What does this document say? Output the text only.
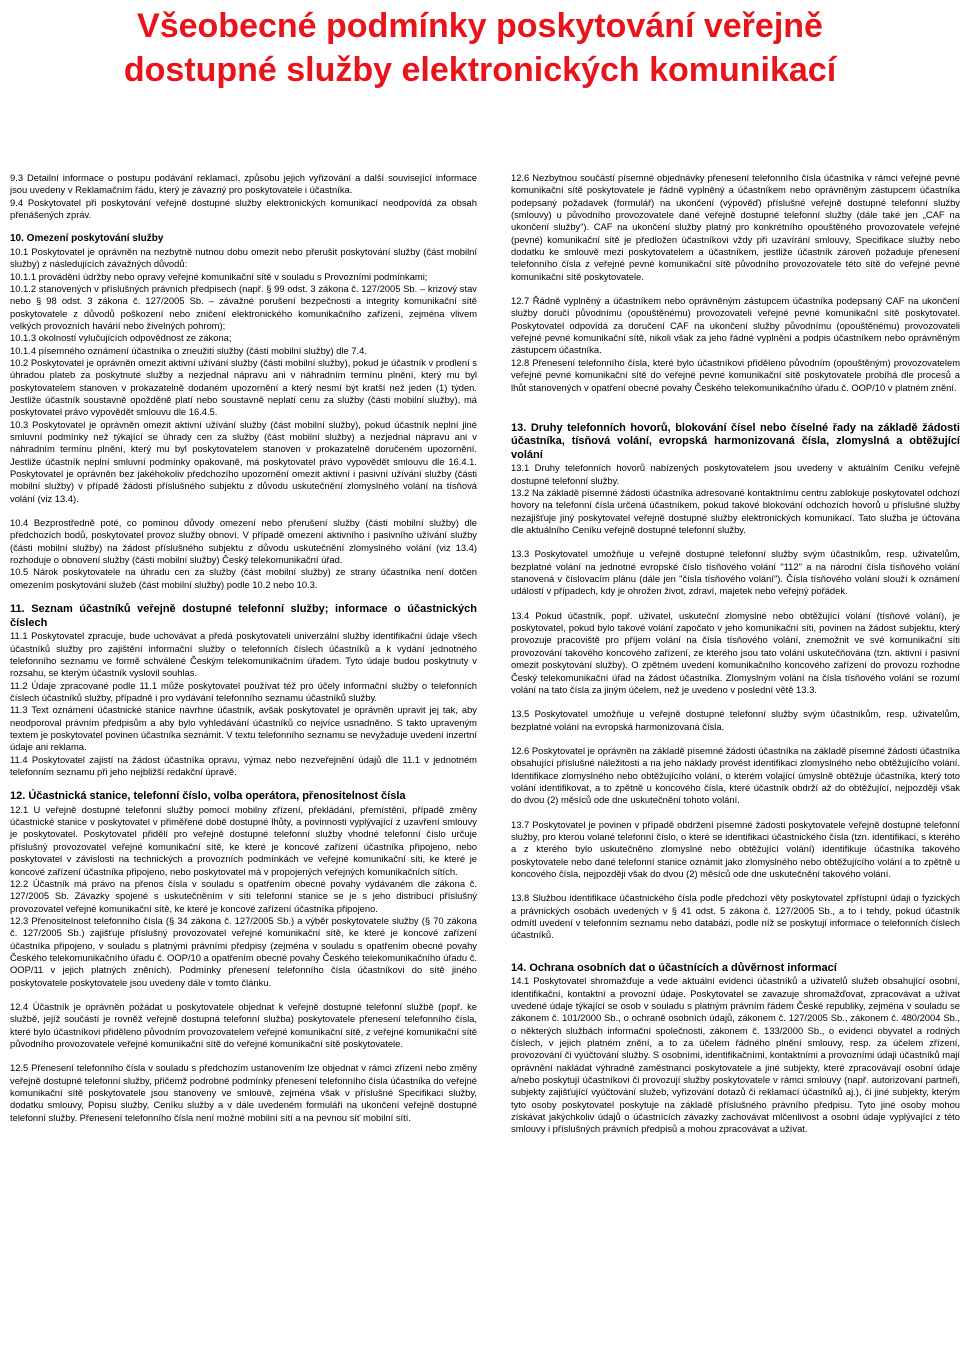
Všeobecné podmínky poskytování veřejně
dostupné služby elektronických komunikací

9.3 Detailní informace o postupu podávání reklamací, způsobu jejich vyřizování a další související informace jsou uvedeny v Reklamačním řádu, který je závazný pro poskytovatele i účastníka.

9.4 Poskytovatel při poskytování veřejně dostupné služby elektronických komunikací neodpovídá za obsah přenášených zpráv.

10. Omezení poskytování služby

10.1 Poskytovatel je oprávněn na nezbytně nutnou dobu omezit nebo přerušit poskytování služby (část mobilní služby) z následujících závažných důvodů:

10.1.1 provádění údržby nebo opravy veřejné komunikační sítě v souladu s Provozními podmínkami;

10.1.2 stanovených v příslušných právních předpisech (např. § 99 odst. 3 zákona č. 127/2005 Sb. – krizový stav nebo § 98 odst. 3 zákona č. 127/2005 Sb. – závažné porušení bezpečnosti a integrity komunikační sítě poskytovatele z důvodů poškození nebo zničení elektronického komunikačního zařízení, zejména vlivem velkých provozních havárií nebo živelných pohrom);

10.1.3 okolností vylučujících odpovědnost ze zákona;

10.1.4 písemného oznámení účastníka o zneužití služby (části mobilní služby) dle 7.4.

10.2 Poskytovatel je oprávněn omezit aktivní užívání služby (části mobilní služby), pokud je účastník v prodlení s úhradou plateb za poskytnuté služby a nezjednal nápravu ani v náhradním termínu plnění, který mu byl poskytovatelem stanoven v prokazatelně dodaném upozornění a který nesmí být kratší než jeden (1) týden. Jestliže účastník soustavně opožděně platí nebo soustavně neplatí cenu za služby (části mobilní služby), má poskytovatel právo vypovědět smlouvu dle 16.4.5.

10.3 Poskytovatel je oprávněn omezit aktivní užívání služby (část mobilní služby), pokud účastník neplní jiné smluvní podmínky než týkající se úhrady cen za služby (část mobilní služby) a nezjednal nápravu ani v náhradním termínu plnění, který mu byl poskytovatelem stanoven v prokazatelně doručeném upozornění. Jestliže účastník neplní smluvní podmínky opakovaně, má poskytovatel právo vypovědět smlouvu dle 16.4.1. Poskytovatel je oprávněn bez jakéhokoliv předchozího upozornění omezit aktivní i pasivní užívání služby (části mobilní služby) v případě žádosti příslušného subjektu z důvodu uskutečnění zlomyslného volání na tísňová volání (viz 13.4).

10.4 Bezprostředně poté, co pominou důvody omezení nebo přerušení služby (části mobilní služby) dle předchozích bodů, poskytovatel provoz služby obnoví. V případě omezení aktivního i pasivního užívání služby (části mobilní služby) na žádost příslušného subjektu z důvodu uskutečnění zlomyslného volání (viz 13.4) rozhoduje o obnovení služby (části mobilní služby) Český telekomunikační úřad.

10.5 Nárok poskytovatele na úhradu cen za služby (část mobilní služby) ze strany účastníka není dotčen omezením poskytování služeb (část mobilní služby) podle 10.2 nebo 10.3.

11. Seznam účastníků veřejně dostupné telefonní služby; informace o účastnických číslech

11.1 Poskytovatel zpracuje, bude uchovávat a předá poskytovateli univerzální služby identifikační údaje všech účastníků služby pro zajištění informační služby o telefonních číslech účastníků a k vydání jednotného telefonního seznamu ve formě schválené Českým telekomunikačním úřadem. Tyto údaje budou poskytnuty v rozsahu, se kterým účastník vyslovil souhlas.

11.2 Údaje zpracované podle 11.1 může poskytovatel používat též pro účely informační služby o telefonních číslech účastníků služby, případně i pro vydávání telefonního seznamu účastníků služby.

11.3 Text oznámení účastnické stanice navrhne účastník, avšak poskytovatel je oprávněn upravit jej tak, aby neodporoval právním předpisům a aby bylo vyhledávání účastníků co nejvíce usnadněno. S takto upraveným textem je poskytovatel povinen účastníka seznámit. V textu telefonního seznamu se nevyžaduje uvedení inzertní údaje ani reklama.

11.4 Poskytovatel zajistí na žádost účastníka opravu, výmaz nebo nezveřejnění údajů dle 11.1 v jednotném telefonním seznamu při jeho nejbližší redakční úpravě.

12. Účastnická stanice, telefonní číslo, volba operátora, přenositelnost čísla

12.1 U veřejně dostupné telefonní služby pomocí mobilny zřízení, překládání, přemístění, případě změny účastnické stanice v poskytovatel v přiměřené době dostupné lhůty, a povinnosti vyplývající z uzavření smlouvy je poskytovatel. Poskytovatel přidělí pro veřejně dostupné telefonní služby vhodné telefonní číslo určuje příslušný provozovatel veřejné komunikační sítě, ke které je koncové zařízení účastníka připojeno, nebo poskytovatel v závislosti na technických a provozních podmínkách ve veřejné komunikační síti, ke které je koncové zařízení účastníka připojeno, nebo poskytovatel má v propojených veřejných komunikačních sítích.

12.2 Účastník má právo na přenos čísla v souladu s opatřením obecné povahy vydávaném dle zákona č. 127/2005 Sb. Závazky spojené s uskutečněním v síti telefonní stanice se je s jeho distribucí příslušný provozovatel veřejné komunikační sítě, ke které je koncové zařízení účastníka připojeno.

12.3 Přenositelnost telefonního čísla (§ 34 zákona č. 127/2005 Sb.) a výběr poskytovatele služby (§ 70 zákona č. 127/2005 Sb.) zajišťuje příslušný provozovatel veřejné komunikační sítě, ke které je koncové zařízení účastníka připojeno, v souladu s platnými právními předpisy (zejména v souladu s opatřením obecné povahy Českého telekomunikačního úřadu č. OOP/10 a opatřením obecné povahy Českého telekomunikačního úřadu č. OOP/11 v jejich platných zněních). Podmínky přenesení telefonního čísla účastníkovi do sítě jiného poskytovatele poskytovatele jsou uvedeny dále v tomto článku.

12.4 Účastník je oprávněn požádat u poskytovatele objednat k veřejně dostupné telefonní službě (popř. ke službě, jejíž součástí je rovněž veřejně dostupná telefonní služba) poskytovatele přenesení telefonního čísla, které bylo účastníkovi přiděleno původním provozovatelem veřejné komunikační sítě, z veřejné komunikační sítě původního provozovatele veřejné komunikační sítě do veřejné komunikační sítě poskytovatele.

12.5 Přenesení telefonního čísla v souladu s předchozím ustanovením lze objednat v rámci zřízení nebo změny veřejně dostupné telefonní služby, přičemž podrobné podmínky přenesení telefonního čísla účastníka do veřejné komunikační sítě poskytovatele jsou stanoveny ve smlouvě, zejména však v příslušné Specifikaci služby, dodatku smlouvy, Popisu služby, Ceníku služby a v dále uvedeném formuláři na ukončení veřejně dostupné telefonní služby. Přenesení telefonního čísla není možné mobilní sítí a na pevnou síť mobilní sítí.

12.6 Nezbytnou součástí písemné objednávky přenesení telefonního čísla účastníka v rámci veřejné pevné komunikační sítě poskytovatele je řádně vyplněný a účastníkem nebo oprávněným zástupcem účastníka podepsaný požadavek (formulář) na ukončení (výpověď) příslušné veřejně dostupné telefonní služby (smlouvy) u původního provozovatele dané veřejně dostupné telefonní služby (dále také jen „CAF na ukončení služby“). CAF na ukončení služby platný pro konkrétního opouštěného provozovatele veřejné (pevné) komunikační sítě je předložen účastníkovi vždy při uzavírání smlouvy, Specifikace služby nebo dodatku ke smlouvě mezi poskytovatelem a účastníkem, jestliže účastník zároveň požaduje přenesení telefonního čísla z veřejné pevné komunikační sítě původního provozovatele této sítě do veřejné pevné komunikační sítě poskytovatele.

12.7 Řádně vyplněný a účastníkem nebo oprávněným zástupcem účastníka podepsaný CAF na ukončení služby doručí původnímu (opouštěnému) provozovateli veřejné pevné komunikační sítě poskytovatel. Poskytovatel odpovídá za doručení CAF na ukončení služby původnímu (opouštěnému) provozovateli veřejné pevné komunikační sítě, nikoli však za jeho řádné vyplnění a podpis účastníkem nebo oprávněným zástupcem účastníka.

12.8 Přenesení telefonního čísla, které bylo účastníkovi přiděleno původním (opouštěným) provozovatelem veřejné pevné komunikační sítě do veřejné pevné komunikační sítě poskytovatele probíhá dle procesů a lhůt stanovených v opatření obecné povahy Českého telekomunikačního úřadu č. OOP/10 v platném znění.

13. Druhy telefonních hovorů, blokování čísel nebo číselné řady na základě žádosti účastníka, tísňová volání, evropská harmonizovaná čísla, zlomyslná a obtěžující volání

13.1 Druhy telefonních hovorů nabízených poskytovatelem jsou uvedeny v aktuálním Ceníku veřejně dostupné telefonní služby.

13.2 Na základě písemné žádosti účastníka adresované kontaktnímu centru zablokuje poskytovatel odchozí hovory na telefonní čísla určená účastníkem, pokud takové blokování odchozích hovorů u příslušné služby nezajišťuje jiný poskytovatel veřejně dostupné služby elektronických komunikací. Tato služba je účtována dle aktuálního Ceníku veřejně dostupné telefonní služby.

13.3 Poskytovatel umožňuje u veřejně dostupné telefonní služby svým účastníkům, resp. uživatelům, bezplatné volání na jednotné evropské číslo tísňového volání "112" a na národní čísla tísňového volání stanovená v číslovacím plánu (dále jen "čísla tísňového volání"). Čísla tísňového volání slouží k oznámení událostí v případech, kdy je ohrožen život, zdraví, majetek nebo veřejný pořádek.

13.4 Pokud účastník, popř. uživatel, uskuteční zlomyslné nebo obtěžující volání (tísňové volání), je poskytovatel, pokud bylo takové volání započato v jeho komunikační síti, povinen na žádost subjektu, který provozuje pracoviště pro příjem volání na čísla tísňového volání, znemožnit ve své komunikační síti provozování takového koncového zařízení, ze kterého jsou tato volání uskutečňována (tzn. aktivní i pasivní omezit poskytování služby). O zpětném uvedení komunikačního koncového zařízení do provozu rozhodne Český telekomunikační úřad na žádost účastníka. Zlomyslným volání na čísla tísňového volání se rozumí volání na tato čísla za jiným účelem, než je uvedeno v poslední větě 13.3.

13.5 Poskytovatel umožňuje u veřejně dostupné telefonní služby svým účastníkům, resp. uživatelům, bezplatné volání na evropská harmonizovaná čísla.

12.6 Poskytovatel je oprávněn na základě písemné žádosti účastníka na základě písemné žádosti účastníka obsahující příslušné náležitosti a na jeho náklady provést identifikaci zlomyslného nebo obtěžujícího volání. Identifikace zlomyslného nebo obtěžujícího volání, o kterém volající úmyslně obtěžuje účastníka, který toto volání identifikovat, a to zpětně u koncového čísla, které účastník obdrží až do obtěžující, nejpozději však do dvou (2) měsíců ode dne uskutečnění tohoto volání.

13.7 Poskytovatel je povinen v případě obdržení písemné žádosti poskytovatele veřejně dostupné telefonní služby, pro kterou volané telefonní číslo, o které se identifikaci účastnického čísla (tzn. identifikaci, s kterého a z kterého bylo uskutečněno zlomyslné nebo obtěžující volání) identifikuje účastníka takového poskytovatele nebo dané telefonní stanice oznámit jako zlomyslného nebo obtěžujícího volání a to zpětně u koncového čísla, nejpozději však do dvou (2) měsíců ode dne uskutečnění takového volání.

13.8 Službou identifikace účastnického čísla podle předchozí věty poskytovatel zpřístupní údaji o fyzických a právnických osobách uvedených v § 41 odst. 5 zákona č. 127/2005 Sb., a to i tehdy, pokud účastník odmítl uvedení v telefonním seznamu nebo databázi, podle níž se poskytují informace o telefonních číslech účastníků.

14. Ochrana osobních dat o účastnících a důvěrnost informací

14.1 Poskytovatel shromažďuje a vede aktuální evidenci účastníků a uživatelů služeb obsahující osobní, identifikační, kontaktní a provozní údaje. Poskytovatel se zavazuje shromažďovat, zpracovávat a užívat uvedené údaje týkající se osob v souladu s platným právním řádem České republiky, zejména v souladu se zákonem č. 101/2000 Sb., o ochraně osobních údajů, zákonem č. 127/2005 Sb., zákonem č. 480/2004 Sb., o některých službách informační společnosti, zákonem č. 133/2000 Sb., o evidenci obyvatel a rodných číslech, v jejich platném znění, a to za účelem řádného plnění smlouvy, resp. za účelem zřízení, provozování či vyúčtování služby. S osobními, identifikačními, kontaktními a provozními údaji účastníků mají oprávnění nakládat výhradně zaměstnanci poskytovatele a jiné subjekty, které zpracovávají osobní údaje a/nebo poskytují účastníkovi či provozují služby poskytovatele v rámci smlouvy (např. autorizovaní partneři, subjekty zajišťující vyúčtování služeb, vyřizování dotazů či reklamací účastníků aj.), či jiné subjekty, kterým tyto osoby poskytovatel poskytuje na základě příslušného právního předpisu. Tyto jiné osoby mohou získávat jakýchkoliv údajů o účastnících závazky zachovávat mlčenlivost a osobní údaje vyplývající z této smlouvy i příslušných právních předpisů a mohou zpracovávat a užívat.
